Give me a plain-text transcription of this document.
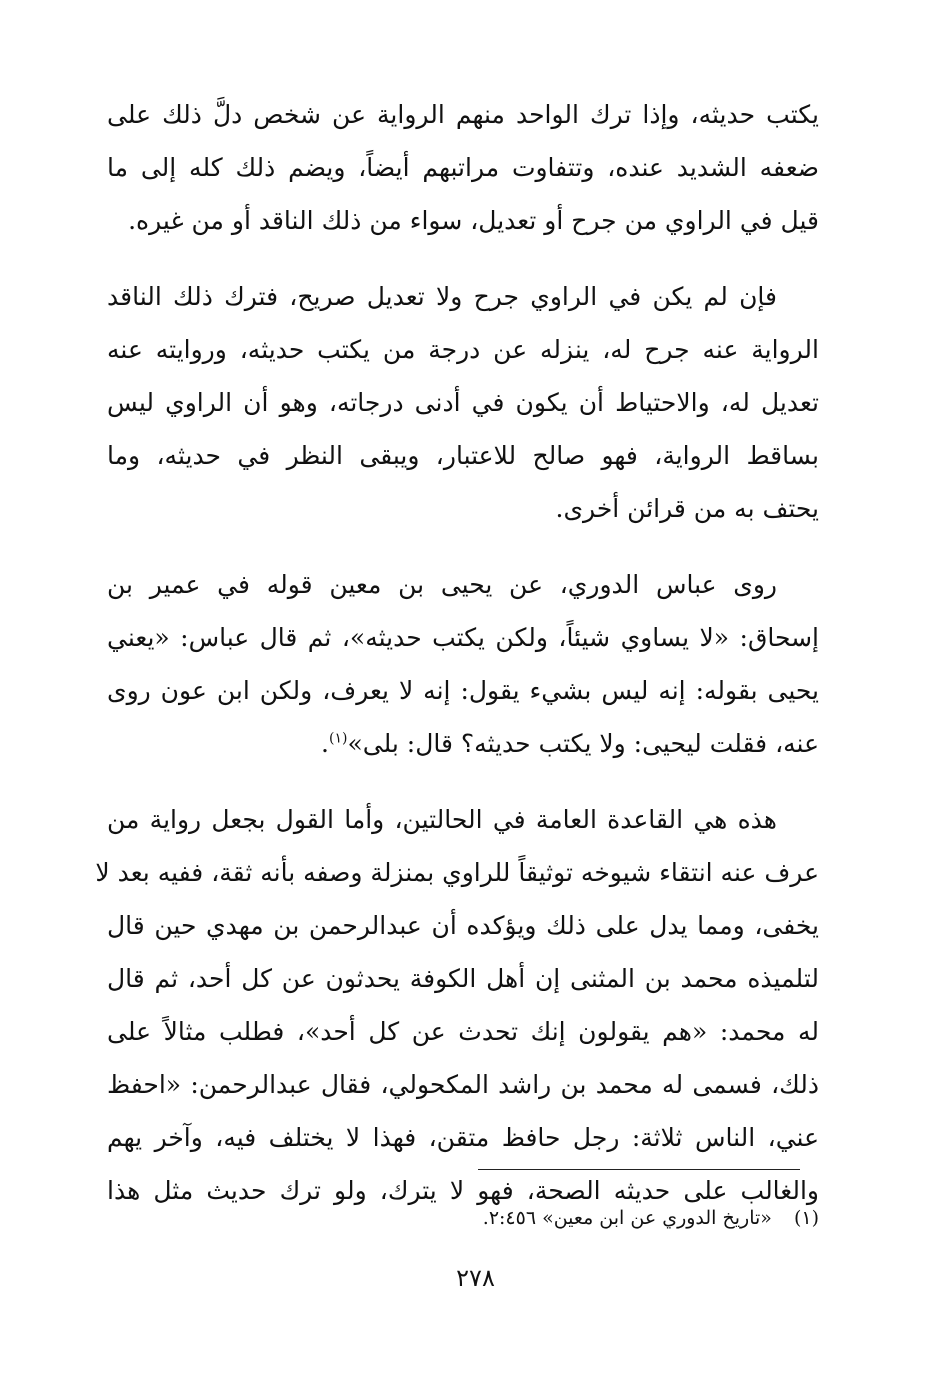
يكتب حديثه، وإذا ترك الواحد منهم الرواية عن شخص دلَّ ذلك على
ضعفه الشديد عنده، وتتفاوت مراتبهم أيضاً، ويضم ذلك كله إلى ما
قيل في الراوي من جرح أو تعديل، سواء من ذلك الناقد أو من غيره.
فإن لم يكن في الراوي جرح ولا تعديل صريح، فترك ذلك الناقد
الرواية عنه جرح له، ينزله عن درجة من يكتب حديثه، وروايته عنه
تعديل له، والاحتياط أن يكون في أدنى درجاته، وهو أن الراوي ليس
بساقط الرواية، فهو صالح للاعتبار، ويبقى النظر في حديثه، وما
يحتف به من قرائن أخرى.
روى عباس الدوري، عن يحيى بن معين قوله في عمير بن
إسحاق: «لا يساوي شيئاً، ولكن يكتب حديثه»، ثم قال عباس: «يعني
يحيى بقوله: إنه ليس بشيء يقول: إنه لا يعرف، ولكن ابن عون روى
عنه، فقلت ليحيى: ولا يكتب حديثه؟ قال: بلى»$^{(١)}$.
هذه هي القاعدة العامة في الحالتين، وأما القول بجعل رواية من
عرف عنه انتقاء شيوخه توثيقاً للراوي بمنزلة وصفه بأنه ثقة، ففيه بعد لا
يخفى، ومما يدل على ذلك ويؤكده أن عبدالرحمن بن مهدي حين قال
لتلميذه محمد بن المثنى إن أهل الكوفة يحدثون عن كل أحد، ثم قال
له محمد: «هم يقولون إنك تحدث عن كل أحد»، فطلب مثالاً على
ذلك، فسمى له محمد بن راشد المكحولي، فقال عبدالرحمن: «احفظ
عني، الناس ثلاثة: رجل حافظ متقن، فهذا لا يختلف فيه، وآخر يهم
والغالب على حديثه الصحة، فهو لا يترك، ولو ترك حديث مثل هذا
(١)«تاريخ الدوري عن ابن معين» ٢:٤٥٦.
٢٧٨
